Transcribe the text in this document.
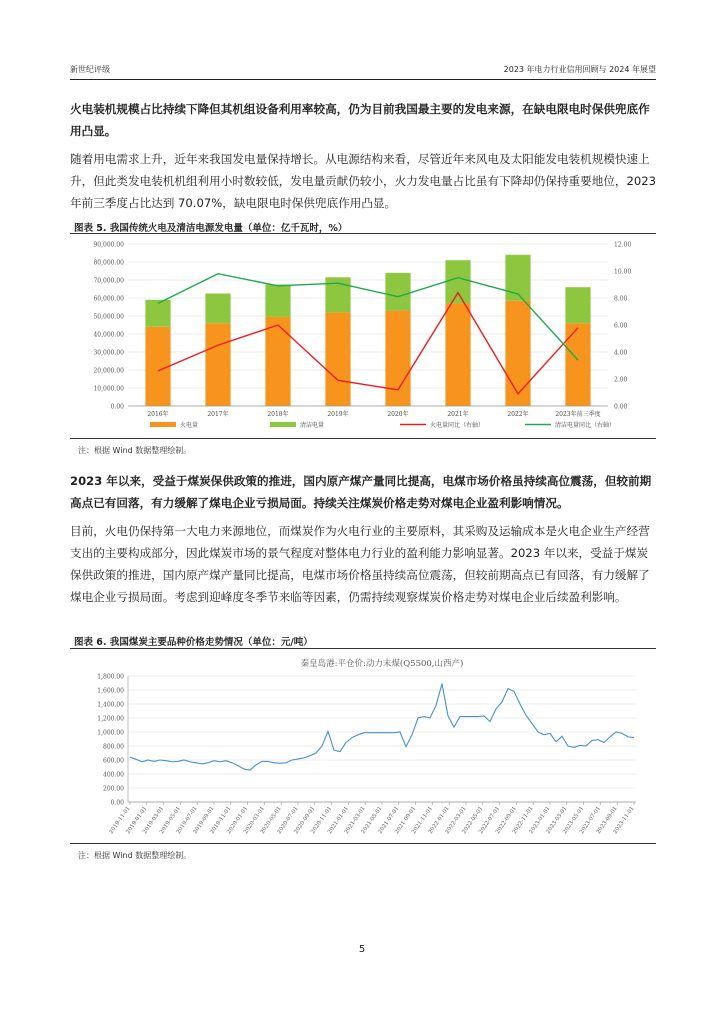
新世纪评级	2023 年电力行业信用回顾与 2024 年展望
火电装机规模占比持续下降但其机组设备利用率较高，仍为目前我国最主要的发电来源，在缺电限电时保供兜底作用凸显。
随着用电需求上升，近年来我国发电量保持增长。从电源结构来看，尽管近年来风电及太阳能发电装机规模快速上升，但此类发电装机机组利用小时数较低，发电量贡献仍较小，火力发电量占比虽有下降却仍保持重要地位，2023 年前三季度占比达到 70.07%，缺电限电时保供兜底作用凸显。
图表 5. 我国传统火电及清洁电源发电量（单位：亿千瓦时，%）
0.00
10,000.00
20,000.00
30,000.00
40,000.00
50,000.00
60,000.00
70,000.00
80,000.00
90,000.00
0.00
2.00
4.00
6.00
8.00
10.00
12.00
2016年	2017年	2018年	2019年	2020年	2021年	2022年	2023年前三季度
火电量	清洁电量	火电量同比（右轴）	清洁电量同比（右轴）
注：根据 Wind 数据整理绘制。
2023 年以来，受益于煤炭保供政策的推进，国内原产煤产量同比提高，电煤市场价格虽持续高位震荡，但较前期高点已有回落，有力缓解了煤电企业亏损局面。持续关注煤炭价格走势对煤电企业盈利影响情况。
目前，火电仍保持第一大电力来源地位，而煤炭作为火电行业的主要原料，其采购及运输成本是火电企业生产经营支出的主要构成部分，因此煤炭市场的景气程度对整体电力行业的盈利能力影响显著。2023 年以来，受益于煤炭保供政策的推进，国内原产煤产量同比提高，电煤市场价格虽持续高位震荡，但较前期高点已有回落，有力缓解了煤电企业亏损局面。考虑到迎峰度冬季节来临等因素，仍需持续观察煤炭价格走势对煤电企业后续盈利影响。
图表 6. 我国煤炭主要品种价格走势情况（单位：元/吨）
秦皇岛港:平仓价:动力末煤(Q5500,山西产)
0.00
200.00
400.00
600.00
800.00
1,000.00
1,200.00
1,400.00
1,600.00
1,800.00
2019-11-01
2019-01-01
2019-03-01
2019-05-01
2019-07-01
2019-09-01
2019-11-01
2020-01-01
2020-03-01
2020-05-01
2020-07-01
2020-09-01
2020-11-01
2021-01-01
2021-03-01
2021-05-01
2021-07-01
2021-09-01
2021-11-01
2022-01-01
2022-03-01
2022-05-01
2022-07-01
2022-09-01
2022-11-01
2023-01-01
2023-03-01
2023-05-01
2023-07-01
2023-09-01
2023-11-01
注：根据 Wind 数据整理绘制。
5
